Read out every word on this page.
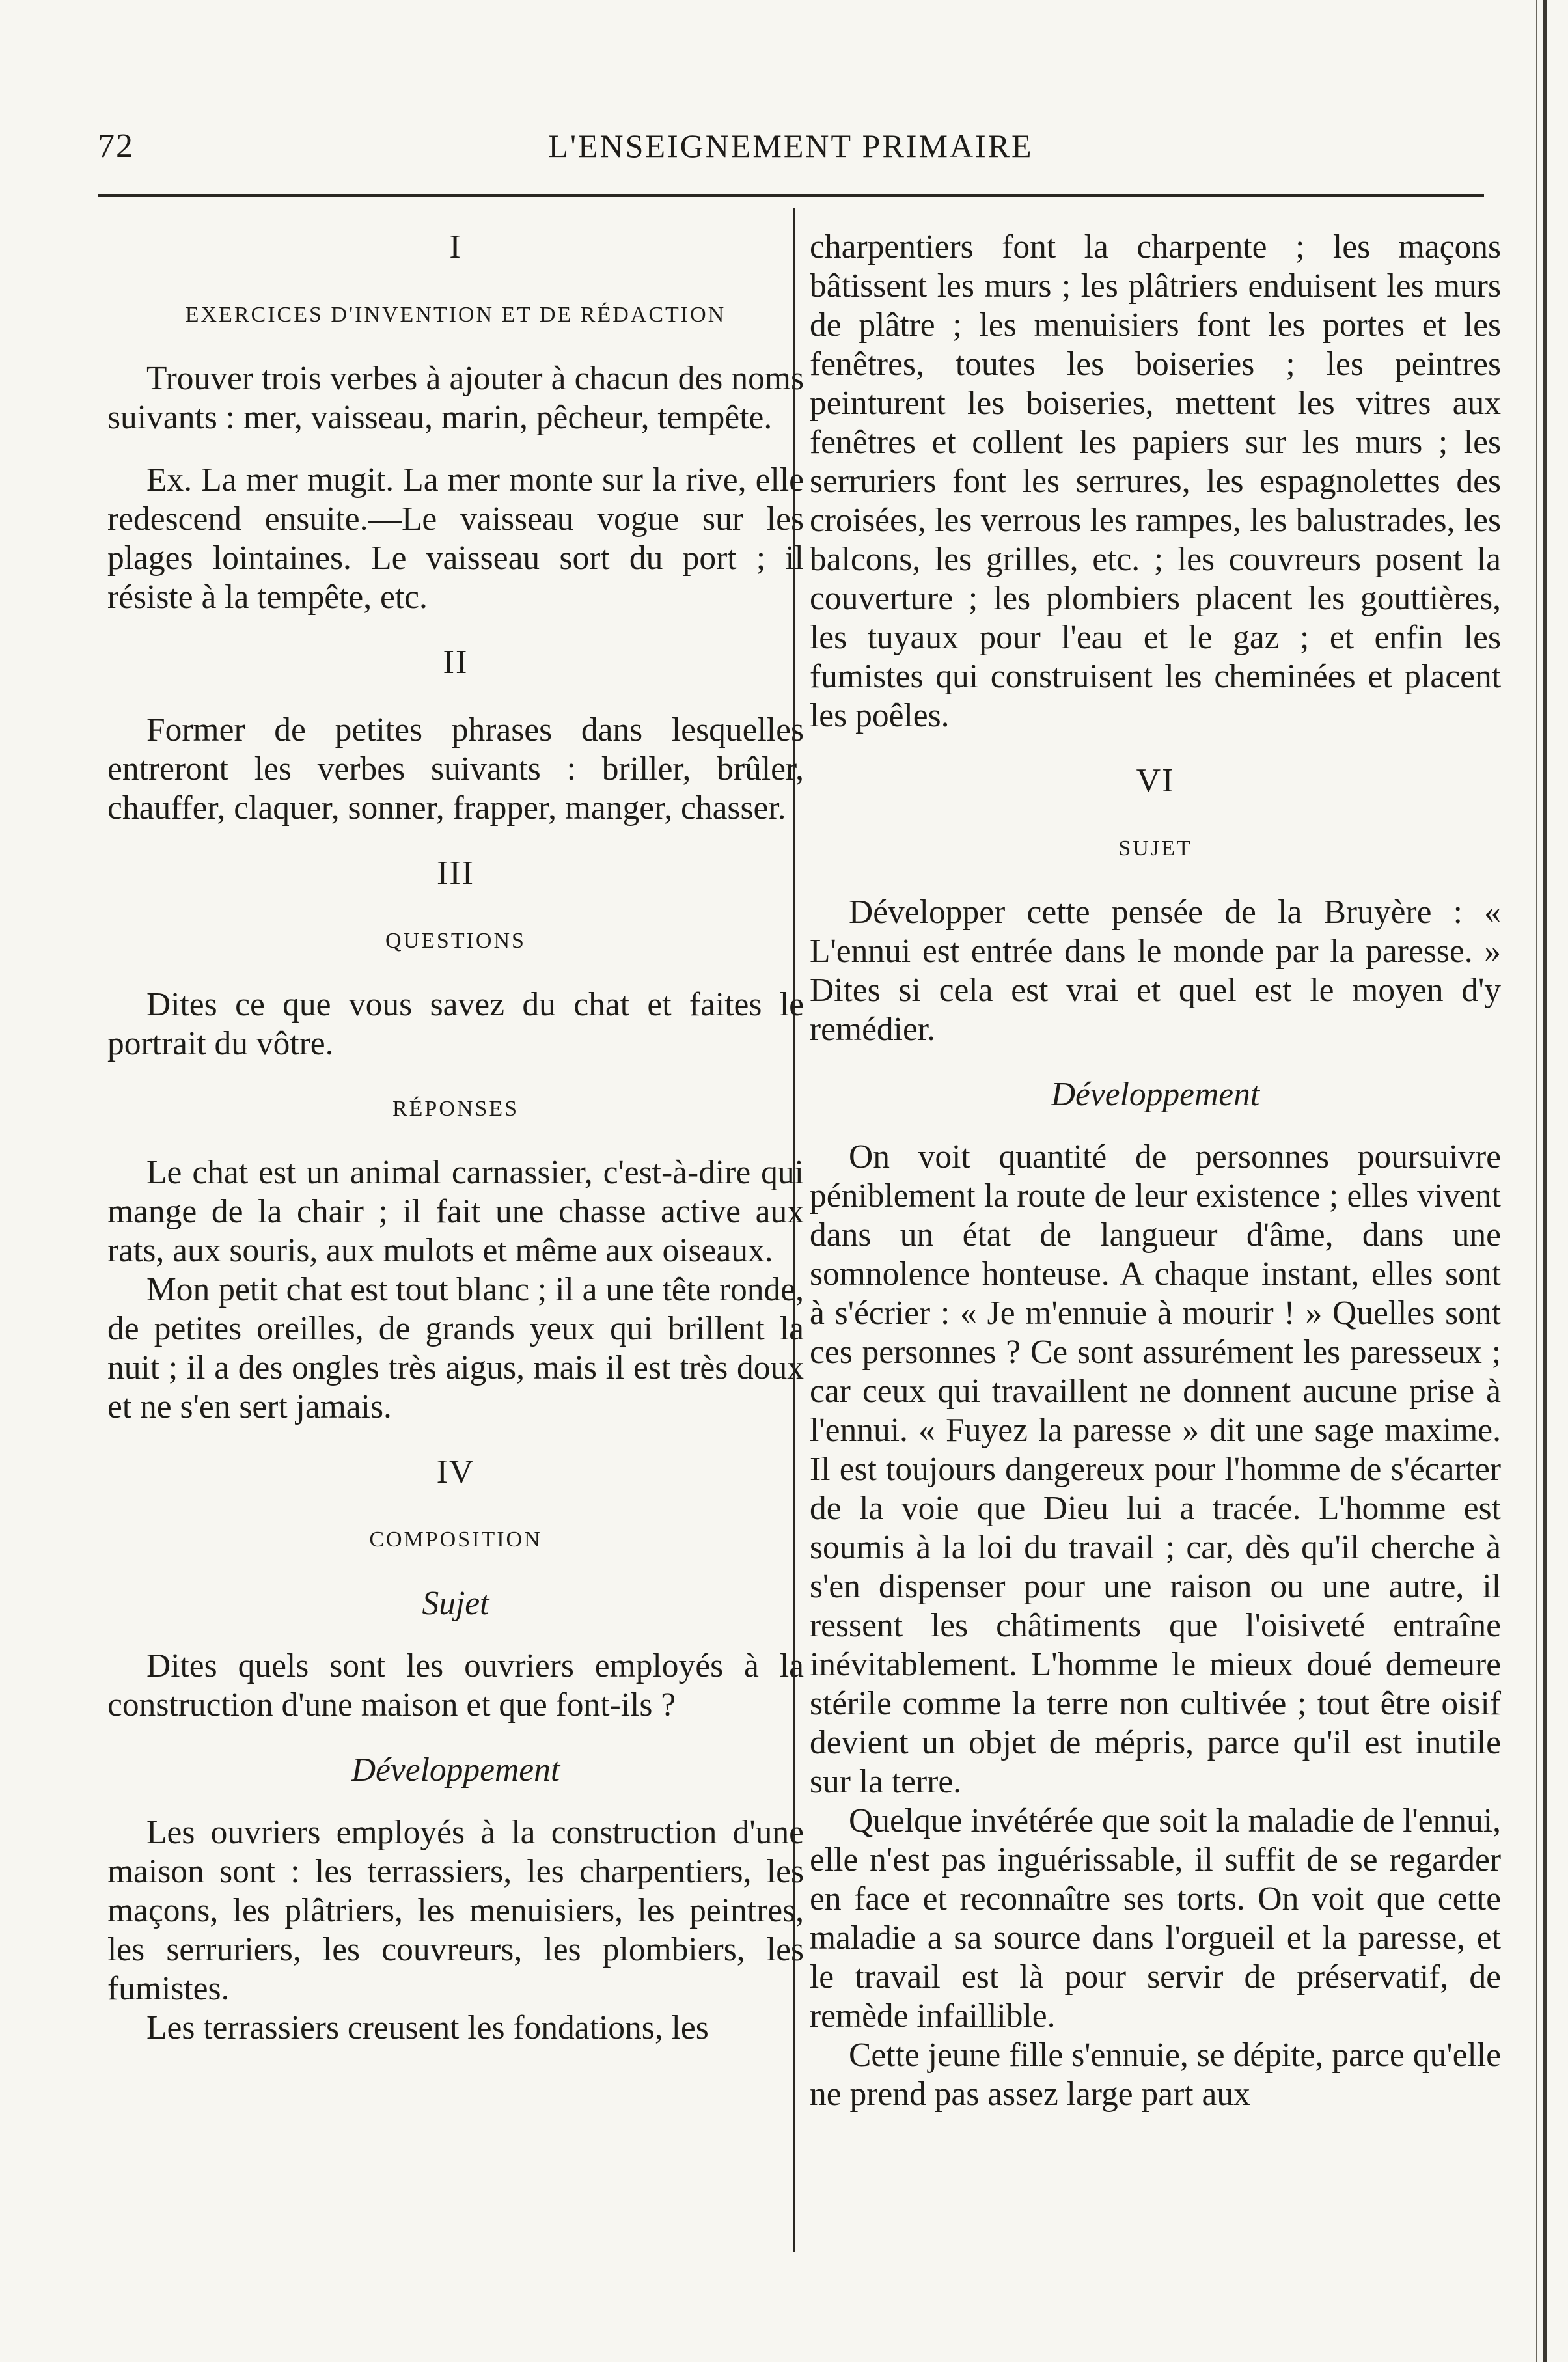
72	L'ENSEIGNEMENT PRIMAIRE
I
EXERCICES D'INVENTION ET DE RÉDACTION

Trouver trois verbes à ajouter à chacun des noms suivants : mer, vaisseau, marin, pêcheur, tempête.

Ex. La mer mugit. La mer monte sur la rive, elle redescend ensuite.—Le vaisseau vogue sur les plages lointaines. Le vaisseau sort du port ; il résiste à la tempête, etc.

II

Former de petites phrases dans lesquelles entreront les verbes suivants : briller, brûler, chauffer, claquer, sonner, frapper, manger, chasser.

III
QUESTIONS

Dites ce que vous savez du chat et faites le portrait du vôtre.

RÉPONSES

Le chat est un animal carnassier, c'est-à-dire qui mange de la chair ; il fait une chasse active aux rats, aux souris, aux mulots et même aux oiseaux.

Mon petit chat est tout blanc ; il a une tête ronde, de petites oreilles, de grands yeux qui brillent la nuit ; il a des ongles très aigus, mais il est très doux et ne s'en sert jamais.

IV
COMPOSITION
Sujet

Dites quels sont les ouvriers employés à la construction d'une maison et que font-ils ?

Développement

Les ouvriers employés à la construction d'une maison sont : les terrassiers, les charpentiers, les maçons, les plâtriers, les menuisiers, les peintres, les serruriers, les couvreurs, les plombiers, les fumistes.

Les terrassiers creusent les fondations, les

charpentiers font la charpente ; les maçons bâtissent les murs ; les plâtriers enduisent les murs de plâtre ; les menuisiers font les portes et les fenêtres, toutes les boiseries ; les peintres peinturent les boiseries, mettent les vitres aux fenêtres et collent les papiers sur les murs ; les serruriers font les serrures, les espagnolettes des croisées, les verrous les rampes, les balustrades, les balcons, les grilles, etc. ; les couvreurs posent la couverture ; les plombiers placent les gouttières, les tuyaux pour l'eau et le gaz ; et enfin les fumistes qui construisent les cheminées et placent les poêles.

VI
SUJET

Développer cette pensée de la Bruyère : « L'ennui est entrée dans le monde par la paresse. » Dites si cela est vrai et quel est le moyen d'y remédier.

Développement

On voit quantité de personnes poursuivre péniblement la route de leur existence ; elles vivent dans un état de langueur d'âme, dans une somnolence honteuse. A chaque instant, elles sont à s'écrier : « Je m'ennuie à mourir ! » Quelles sont ces personnes ? Ce sont assurément les paresseux ; car ceux qui travaillent ne donnent aucune prise à l'ennui. « Fuyez la paresse » dit une sage maxime. Il est toujours dangereux pour l'homme de s'écarter de la voie que Dieu lui a tracée. L'homme est soumis à la loi du travail ; car, dès qu'il cherche à s'en dispenser pour une raison ou une autre, il ressent les châtiments que l'oisiveté entraîne inévitablement. L'homme le mieux doué demeure stérile comme la terre non cultivée ; tout être oisif devient un objet de mépris, parce qu'il est inutile sur la terre.

Quelque invétérée que soit la maladie de l'ennui, elle n'est pas inguérissable, il suffit de se regarder en face et reconnaître ses torts. On voit que cette maladie a sa source dans l'orgueil et la paresse, et le travail est là pour servir de préservatif, de remède infaillible.

Cette jeune fille s'ennuie, se dépite, parce qu'elle ne prend pas assez large part aux
